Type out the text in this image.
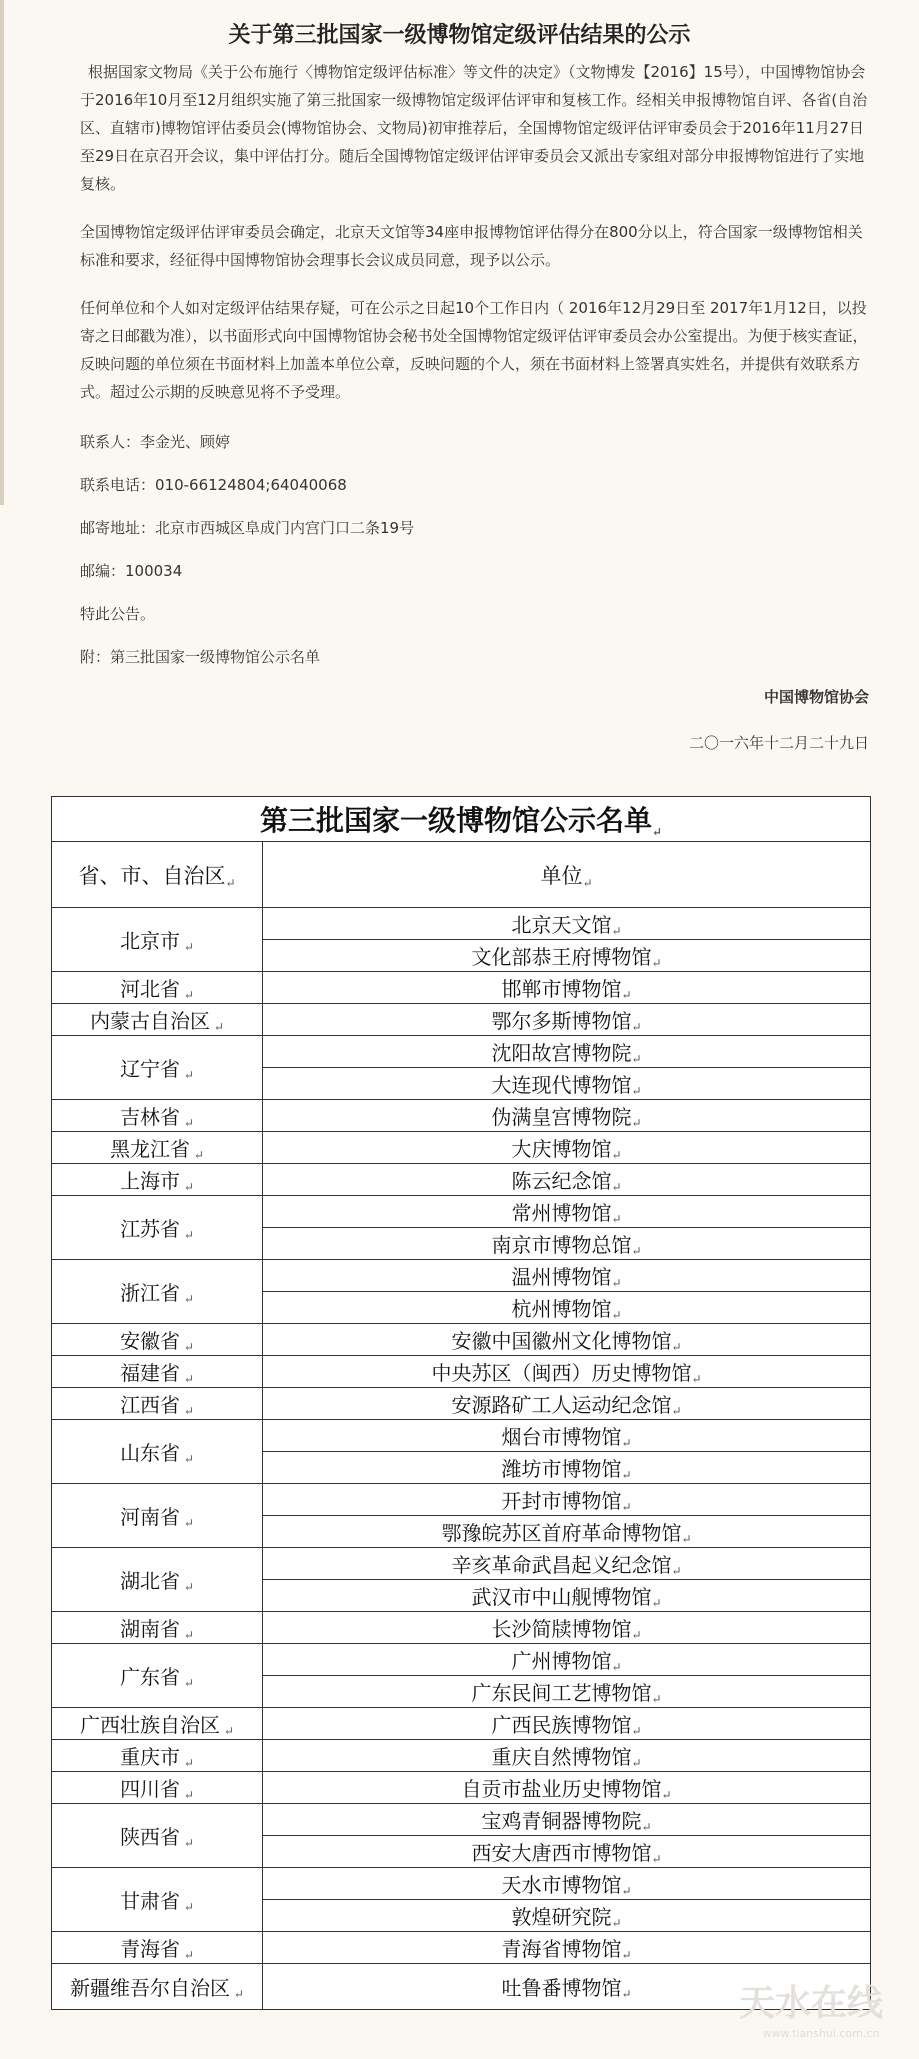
关于第三批国家一级博物馆定级评估结果的公示

根据国家文物局《关于公布施行〈博物馆定级评估标准〉等文件的决定》（文物博发【2016】15号），中国博物馆协会于2016年10月至12月组织实施了第三批国家一级博物馆定级评估评审和复核工作。经相关申报博物馆自评、各省(自治区、直辖市)博物馆评估委员会(博物馆协会、文物局)初审推荐后，全国博物馆定级评估评审委员会于2016年11月27日至29日在京召开会议，集中评估打分。随后全国博物馆定级评估评审委员会又派出专家组对部分申报博物馆进行了实地复核。

全国博物馆定级评估评审委员会确定，北京天文馆等34座申报博物馆评估得分在800分以上，符合国家一级博物馆相关标准和要求，经征得中国博物馆协会理事长会议成员同意，现予以公示。

任何单位和个人如对定级评估结果存疑，可在公示之日起10个工作日内（ 2016年12月29日至 2017年1月12日，以投寄之日邮戳为准），以书面形式向中国博物馆协会秘书处全国博物馆定级评估评审委员会办公室提出。为便于核实查证，反映问题的单位须在书面材料上加盖本单位公章，反映问题的个人，须在书面材料上签署真实姓名，并提供有效联系方式。超过公示期的反映意见将不予受理。

联系人：李金光、顾婷
联系电话：010-66124804;64040068
邮寄地址：北京市西城区阜成门内宫门口二条19号
邮编：100034
特此公告。
附：第三批国家一级博物馆公示名单
中国博物馆协会
二〇一六年十二月二十九日
第三批国家一级博物馆公示名单↵	
省、市、自治区↵	单位↵
北京市 ↵	北京天文馆↵
	文化部恭王府博物馆↵
河北省 ↵	邯郸市博物馆↵
内蒙古自治区 ↵	鄂尔多斯博物馆↵
辽宁省 ↵	沈阳故宫博物院↵
	大连现代博物馆↵
吉林省 ↵	伪满皇宫博物院↵
黑龙江省 ↵	大庆博物馆↵
上海市 ↵	陈云纪念馆↵
江苏省 ↵	常州博物馆↵
	南京市博物总馆↵
浙江省 ↵	温州博物馆↵
	杭州博物馆↵
安徽省 ↵	安徽中国徽州文化博物馆↵
福建省 ↵	中央苏区（闽西）历史博物馆↵
江西省 ↵	安源路矿工人运动纪念馆↵
山东省 ↵	烟台市博物馆↵
	潍坊市博物馆↵
河南省 ↵	开封市博物馆↵
	鄂豫皖苏区首府革命博物馆↵
湖北省 ↵	辛亥革命武昌起义纪念馆↵
	武汉市中山舰博物馆↵
湖南省 ↵	长沙简牍博物馆↵
广东省 ↵	广州博物馆↵
	广东民间工艺博物馆↵
广西壮族自治区 ↵	广西民族博物馆↵
重庆市 ↵	重庆自然博物馆↵
四川省 ↵	自贡市盐业历史博物馆↵
陕西省 ↵	宝鸡青铜器博物院↵
	西安大唐西市博物馆↵
甘肃省 ↵	天水市博物馆↵
	敦煌研究院↵
青海省 ↵	青海省博物馆↵
新疆维吾尔自治区 ↵	吐鲁番博物馆↵	天水在线
www.tianshui.com.cn
